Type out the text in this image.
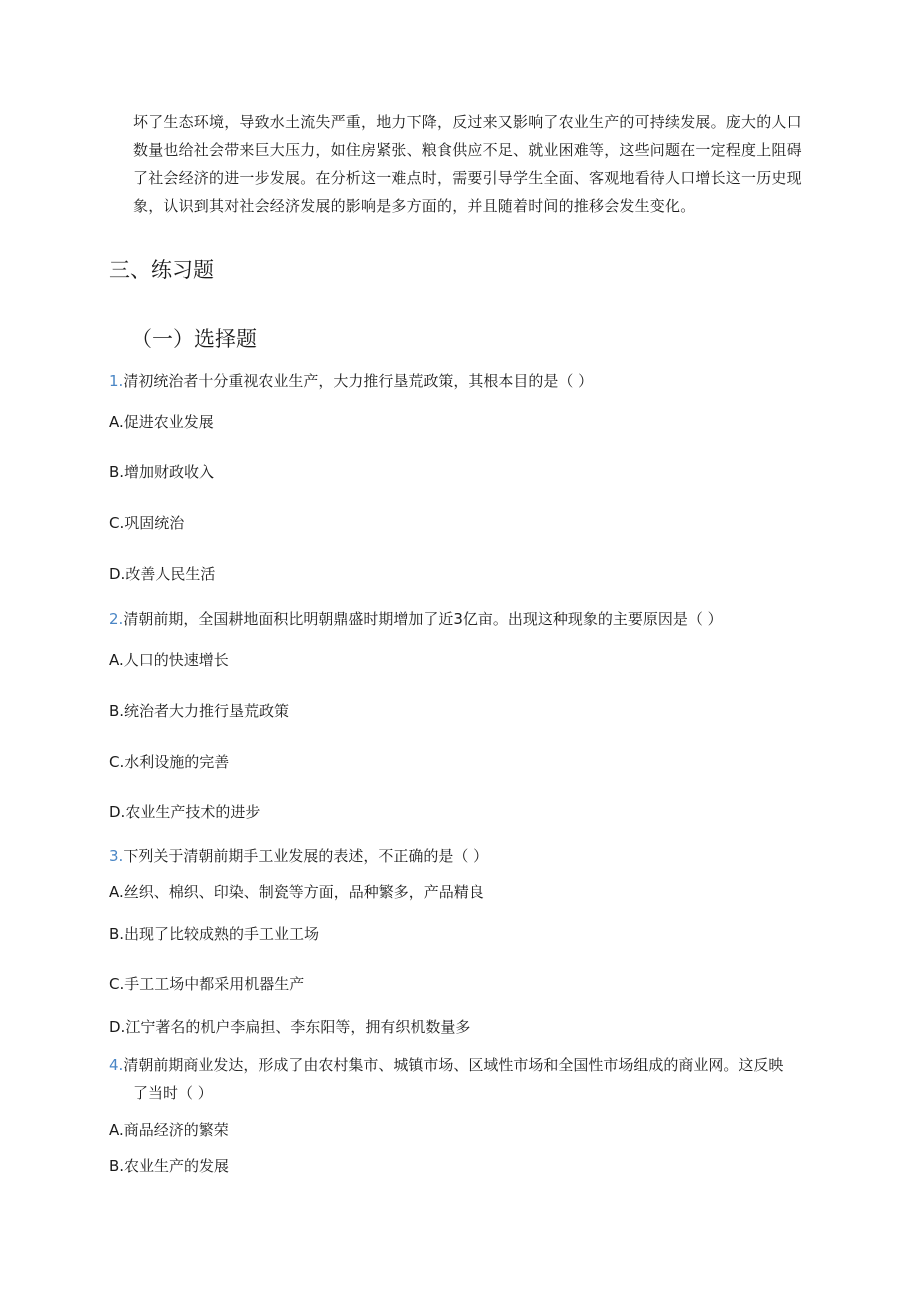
坏了生态环境，导致水土流失严重，地力下降，反过来又影响了农业生产的可持续发展。庞大的人口数量也给社会带来巨大压力，如住房紧张、粮食供应不足、就业困难等，这些问题在一定程度上阻碍了社会经济的进一步发展。在分析这一难点时，需要引导学生全面、客观地看待人口增长这一历史现象，认识到其对社会经济发展的影响是多方面的，并且随着时间的推移会发生变化。

三、练习题
（一）选择题
1.清初统治者十分重视农业生产，大力推行垦荒政策，其根本目的是（ ）
A.促进农业发展
B.增加财政收入
C.巩固统治
D.改善人民生活
2.清朝前期，全国耕地面积比明朝鼎盛时期增加了近3亿亩。出现这种现象的主要原因是（ ）
A.人口的快速增长
B.统治者大力推行垦荒政策
C.水利设施的完善
D.农业生产技术的进步
3.下列关于清朝前期手工业发展的表述，不正确的是（ ）
A.丝织、棉织、印染、制瓷等方面，品种繁多，产品精良
B.出现了比较成熟的手工业工场
C.手工工场中都采用机器生产
D.江宁著名的机户李扁担、李东阳等，拥有织机数量多
4.清朝前期商业发达，形成了由农村集市、城镇市场、区域性市场和全国性市场组成的商业网。这反映
了当时（ ）
A.商品经济的繁荣
B.农业生产的发展
